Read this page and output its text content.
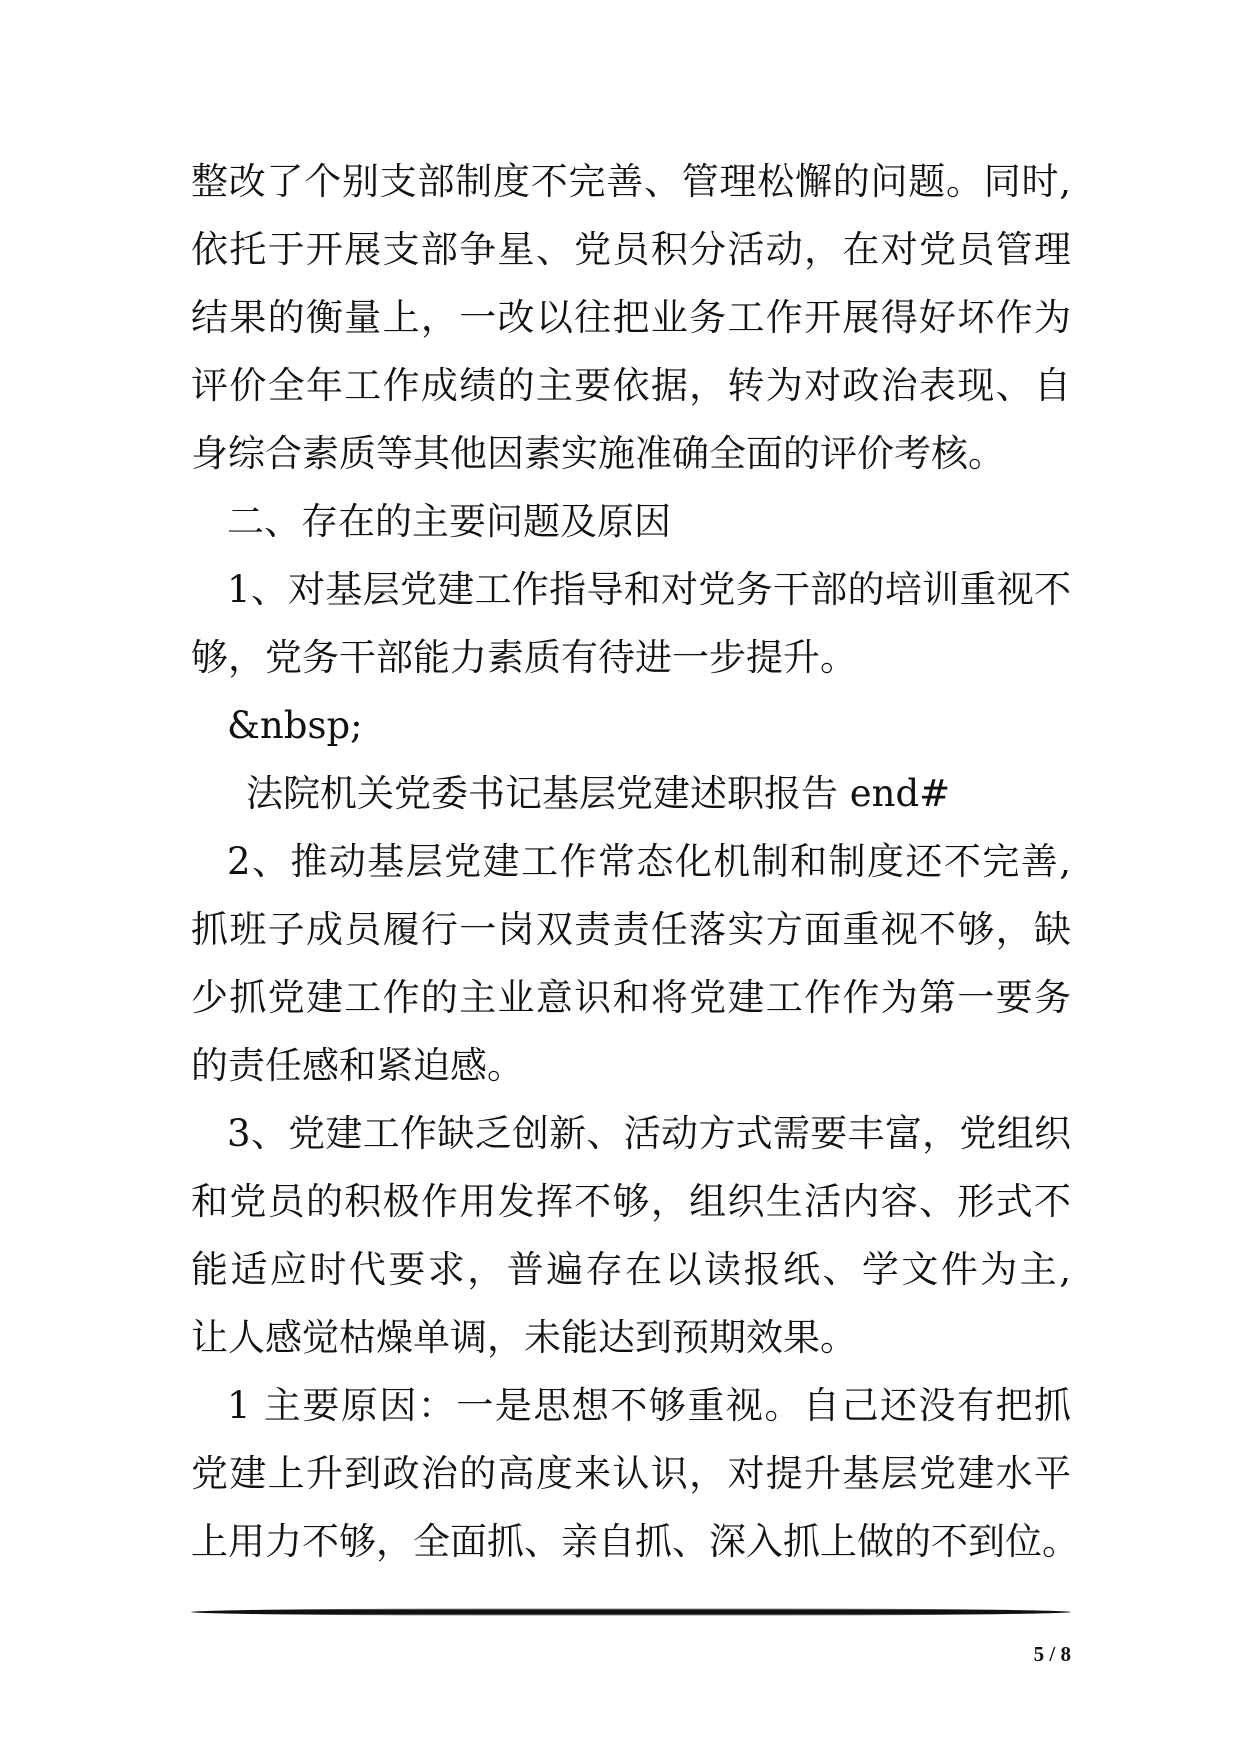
整改了个别支部制度不完善、管理松懈的问题。同时,
依托于开展支部争星、党员积分活动，在对党员管理
结果的衡量上，一改以往把业务工作开展得好坏作为
评价全年工作成绩的主要依据，转为对政治表现、自
身综合素质等其他因素实施准确全面的评价考核。
二、存在的主要问题及原因
1、对基层党建工作指导和对党务干部的培训重视不
够，党务干部能力素质有待进一步提升。
&nbsp;
法院机关党委书记基层党建述职报告 end#
2、推动基层党建工作常态化机制和制度还不完善,
抓班子成员履行一岗双责责任落实方面重视不够，缺
少抓党建工作的主业意识和将党建工作作为第一要务
的责任感和紧迫感。
3、党建工作缺乏创新、活动方式需要丰富，党组织
和党员的积极作用发挥不够，组织生活内容、形式不
能适应时代要求，普遍存在以读报纸、学文件为主,
让人感觉枯燥单调，未能达到预期效果。
1 主要原因：一是思想不够重视。自己还没有把抓
党建上升到政治的高度来认识，对提升基层党建水平
上用力不够，全面抓、亲自抓、深入抓上做的不到位。
5 / 8
